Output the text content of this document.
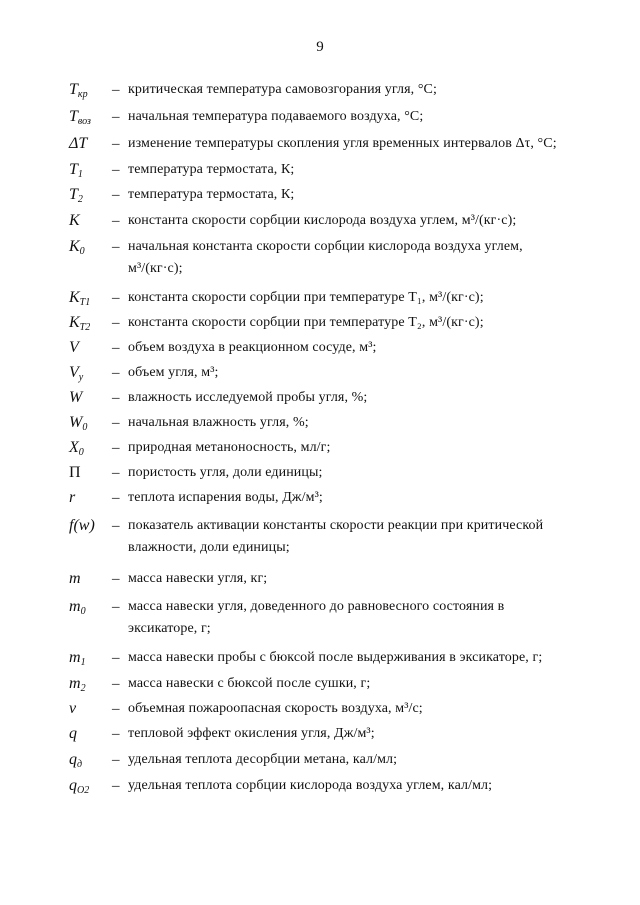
9
$T_{кр}$	– критическая температура самовозгорания угля, °С;
$T_{воз}$	– начальная температура подаваемого воздуха, °С;
ΔT	– изменение температуры скопления угля временных интервалов Δτ, °С;
$T_1$	– температура термостата, К;
$T_2$	– температура термостата, К;
K	– константа скорости сорбции кислорода воздуха углем, м³/(кг·с);
$K_0$	– начальная константа скорости сорбции кислорода воздуха углем,
м³/(кг·с);
$K_{T1}$	– константа скорости сорбции при температуре T₁, м³/(кг·с);
$K_{T2}$	– константа скорости сорбции при температуре T₂, м³/(кг·с);
V	– объем воздуха в реакционном сосуде, м³;
$V_у$	– объем угля, м³;
W	– влажность исследуемой пробы угля, %;
$W_0$	– начальная влажность угля, %;
$X_0$	– природная метаноносность, мл/г;
П	– пористость угля, доли единицы;
r	– теплота испарения воды, Дж/м³;
f(w)	– показатель активации константы скорости реакции при критической
влажности, доли единицы;
m	– масса навески угля, кг;
$m_0$	– масса навески угля, доведенного до равновесного состояния в
эксикаторе, г;
$m_1$	– масса навески пробы с бюксой после выдерживания в эксикаторе, г;
$m_2$	– масса навески с бюксой после сушки, г;
v	– объемная пожароопасная скорость воздуха, м³/с;
q	– тепловой эффект окисления угля, Дж/м³;
$q_д$	– удельная теплота десорбции метана, кал/мл;
$q_{O2}$	– удельная теплота сорбции кислорода воздуха углем, кал/мл;
